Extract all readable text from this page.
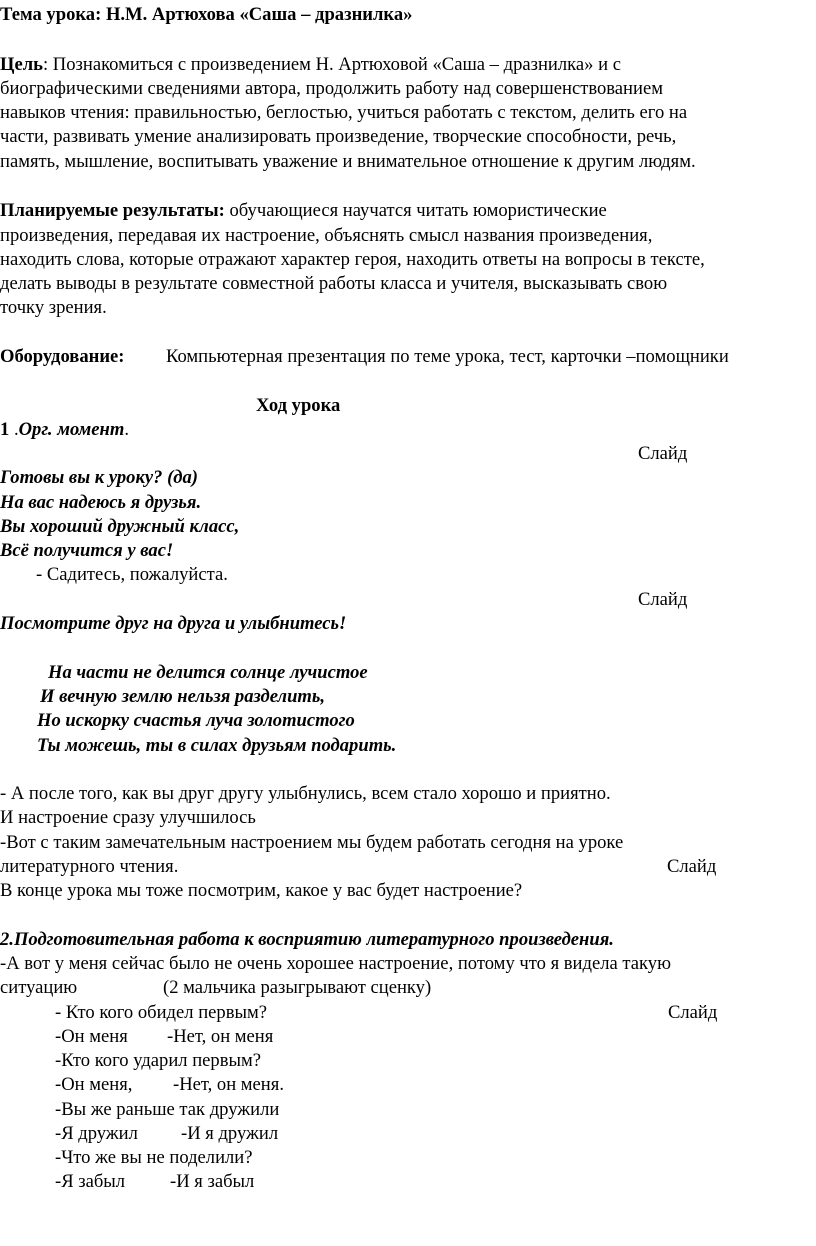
Тема урока: Н.М. Артюхова «Саша – дразнилка»
Цель: Познакомиться с произведением Н. Артюховой «Саша – дразнилка» и с
биографическими сведениями автора, продолжить работу над совершенствованием
навыков чтения: правильностью, беглостью, учиться работать с текстом, делить его на
части, развивать умение анализировать произведение, творческие способности, речь,
память, мышление, воспитывать уважение и внимательное отношение к другим людям.
Планируемые результаты: обучающиеся научатся читать юмористические
произведения, передавая их настроение, объяснять смысл названия произведения,
находить слова, которые отражают характер героя, находить ответы на вопросы в тексте,
делать выводы в результате совместной работы класса и учителя, высказывать свою
точку зрения.
Оборудование: Компьютерная презентация по теме урока, тест, карточки –помощники
Ход урока
1 .Орг. момент.
Слайд
Готовы вы к уроку? (да)
На вас надеюсь я друзья.
Вы хороший дружный класс,
Всё получится у вас!
- Садитесь, пожалуйста.
Слайд
Посмотрите друг на друга и улыбнитесь!
На части не делится солнце лучистое
И вечную землю нельзя разделить,
Но искорку счастья луча золотистого
Ты можешь, ты в силах друзьям подарить.
- А после того, как вы друг другу улыбнулись, всем стало хорошо и приятно.
И настроение сразу улучшилось
-Вот с таким замечательным настроением мы будем работать сегодня на уроке
литературного чтения.	Слайд
В конце урока мы тоже посмотрим, какое у вас будет настроение?
2.Подготовительная работа к восприятию литературного произведения.
-А вот у меня сейчас было не очень хорошее настроение, потому что я видела такую
ситуацию	(2 мальчика разыгрывают сценку)
- Кто кого обидел первым?	Слайд
-Он меня -Нет, он меня
-Кто кого ударил первым?
-Он меня, -Нет, он меня.
-Вы же раньше так дружили
-Я дружил -И я дружил
-Что же вы не поделили?
-Я забыл -И я забыл
